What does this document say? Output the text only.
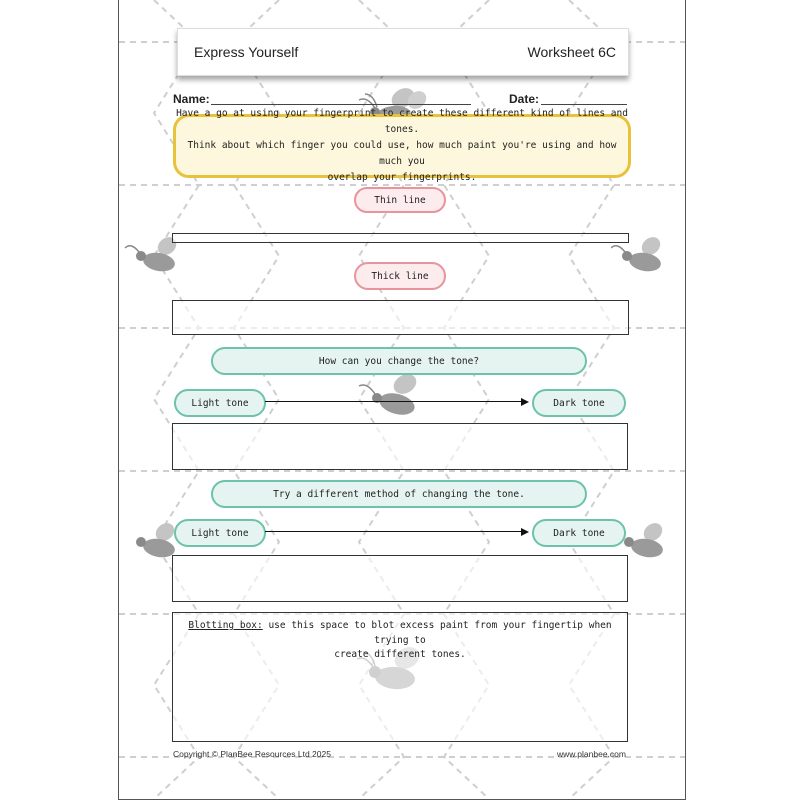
Express Yourself	Worksheet 6C
Name:	Date:
Have a go at using your fingerprint to create these different kind of lines and tones.
Think about which finger you could use, how much paint you're using and how much you
overlap your fingerprints.
Thin line
Thick line
How can you change the tone?
Light tone	Dark tone
Try a different method of changing the tone.
Light tone	Dark tone
Blotting box: use this space to blot excess paint from your fingertip when trying to
create different tones.
Copyright © PlanBee Resources Ltd 2025	www.planbee.com
